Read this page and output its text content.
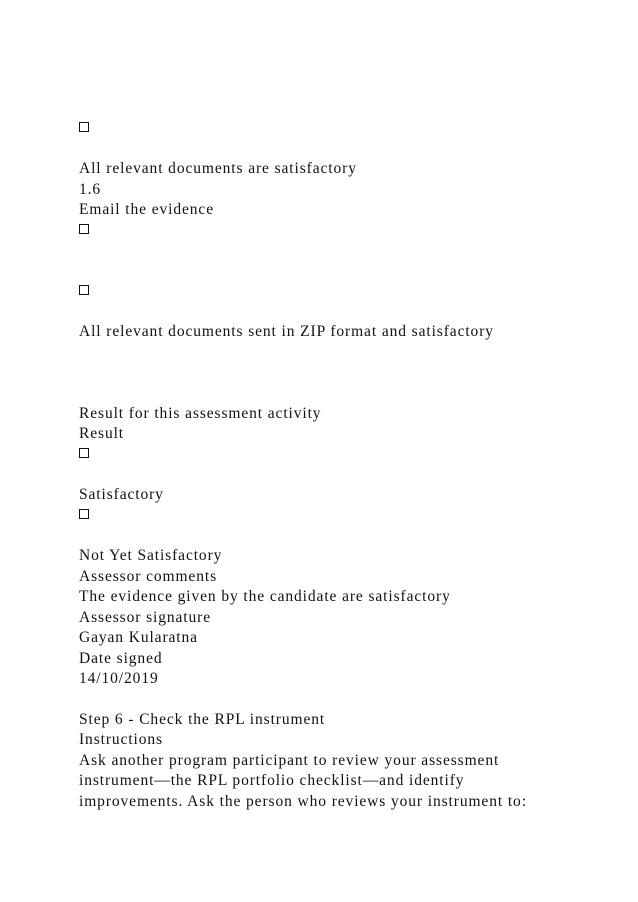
All relevant documents are satisfactory
1.6
Email the evidence
All relevant documents sent in ZIP format and satisfactory
Result for this assessment activity
Result
Satisfactory
Not Yet Satisfactory
Assessor comments
The evidence given by the candidate are satisfactory
Assessor signature
Gayan Kularatna
Date signed
14/10/2019
Step 6 - Check the RPL instrument
Instructions
Ask another program participant to review your assessment
instrument—the RPL portfolio checklist—and identify
improvements. Ask the person who reviews your instrument to:
